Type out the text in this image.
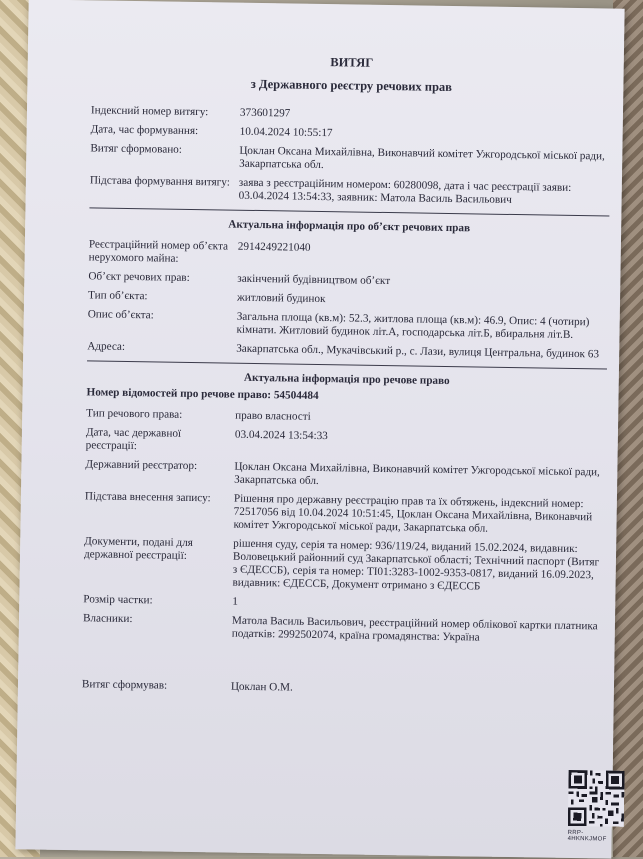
ВИТЯГ
з Державного реєстру речових прав
Індексний номер витягу:	373601297
Дата, час формування:	10.04.2024 10:55:17
Витяг сформовано:	Цоклан Оксана Михайлівна, Виконавчий комітет Ужгородської міської ради, Закарпатська обл.
Підстава формування витягу: заява з реєстраційним номером: 60280098, дата і час реєстрації заяви: 03.04.2024 13:54:33, заявник: Матола Василь Васильович
Актуальна інформація про об’єкт речових прав
Реєстраційний номер об’єкта нерухомого майна:
2914249221040
Об’єкт речових прав:	закінчений будівництвом об’єкт
Тип об’єкта:	житловий будинок
Опис об’єкта:	Загальна площа (кв.м): 52.3, житлова площа (кв.м): 46.9, Опис: 4 (чотири) кімнати. Житловий будинок літ.А, господарська літ.Б, вбиральня літ.В.
Адреса:	Закарпатська обл., Мукачівський р., с. Лази, вулиця Центральна, будинок 63
Актуальна інформація про речове право
Номер відомостей про речове право: 54504484
Тип речового права:	право власності
Дата, час державної реєстрації:
03.04.2024 13:54:33
Державний реєстратор:	Цоклан Оксана Михайлівна, Виконавчий комітет Ужгородської міської ради, Закарпатська обл.
Підстава внесення запису:	Рішення про державну реєстрацію прав та їх обтяжень, індексний номер: 72517056 від 10.04.2024 10:51:45, Цоклан Оксана Михайлівна, Виконавчий комітет Ужгородської міської ради, Закарпатська обл.
Документи, подані для державної реєстрації:
рішення суду, серія та номер: 936/119/24, виданий 15.02.2024, видавник: Воловецький районний суд Закарпатської області; Технічний паспорт (Витяг з ЄДЕССБ), серія та номер: ТІ01:3283-1002-9353-0817, виданий 16.09.2023, видавник: ЄДЕССБ, Документ отримано з ЄДЕССБ
Розмір частки:	1
Власники:	Матола Василь Васильович, реєстраційний номер облікової картки платника податків: 2992502074, країна громадянства: Україна
Витяг сформував:	Цоклан О.М.
RRP-4HKNKJMOF
